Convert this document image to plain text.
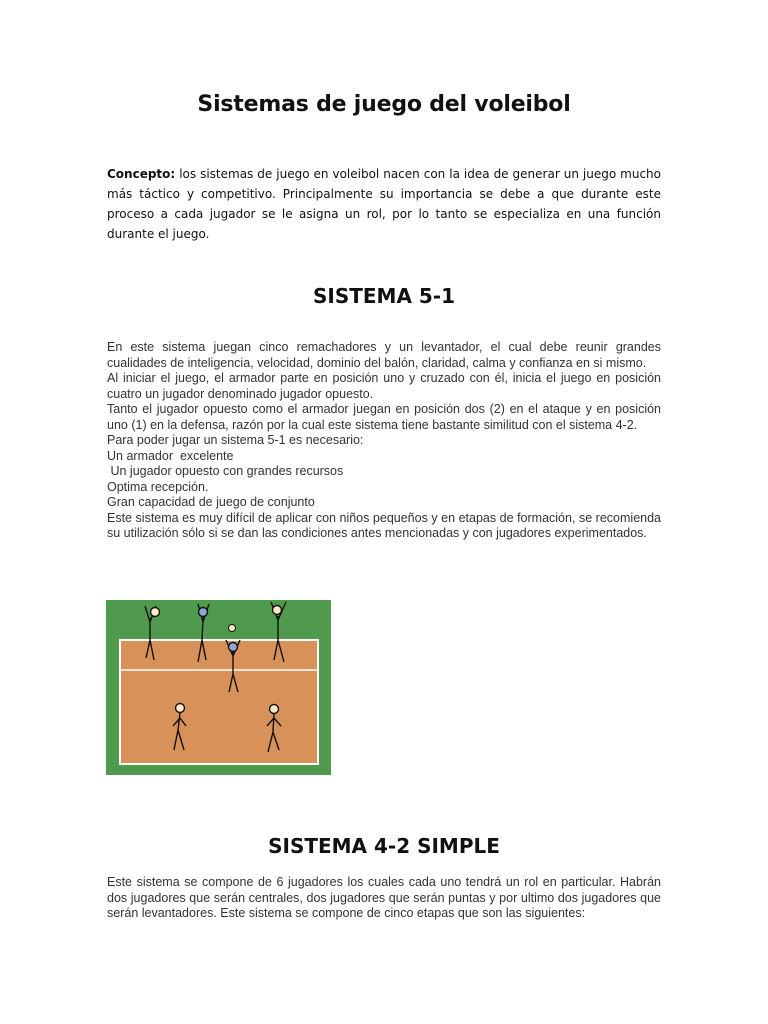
Sistemas de juego del voleibol

Concepto: los sistemas de juego en voleibol nacen con la idea de generar un juego mucho más táctico y competitivo. Principalmente su importancia se debe a que durante este proceso a cada jugador se le asigna un rol, por lo tanto se especializa en una función durante el juego.

SISTEMA 5-1

En este sistema juegan cinco remachadores y un levantador, el cual debe reunir grandes cualidades de inteligencia, velocidad, dominio del balón, claridad, calma y confianza en si mismo.

Al iniciar el juego, el armador parte en posición uno y cruzado con él, inicia el juego en posición cuatro un jugador denominado jugador opuesto.

Tanto el jugador opuesto como el armador juegan en posición dos (2) en el ataque y en posición uno (1) en la defensa, razón por la cual este sistema tiene bastante similitud con el sistema 4-2.

Para poder jugar un sistema 5-1 es necesario:

Un armador  excelente

Un jugador opuesto con grandes recursos

Optima recepción.

Gran capacidad de juego de conjunto

Este sistema es muy difícil de aplicar con niños pequeños y en etapas de formación, se recomienda su utilización sólo si se dan las condiciones antes mencionadas y con jugadores experimentados.

SISTEMA 4-2 SIMPLE

Este sistema se compone de 6 jugadores los cuales cada uno tendrá un rol en particular. Habrán dos jugadores que serán centrales, dos jugadores que serán puntas y por ultimo dos jugadores que serán levantadores. Este sistema se compone de cinco etapas que son las siguientes:
